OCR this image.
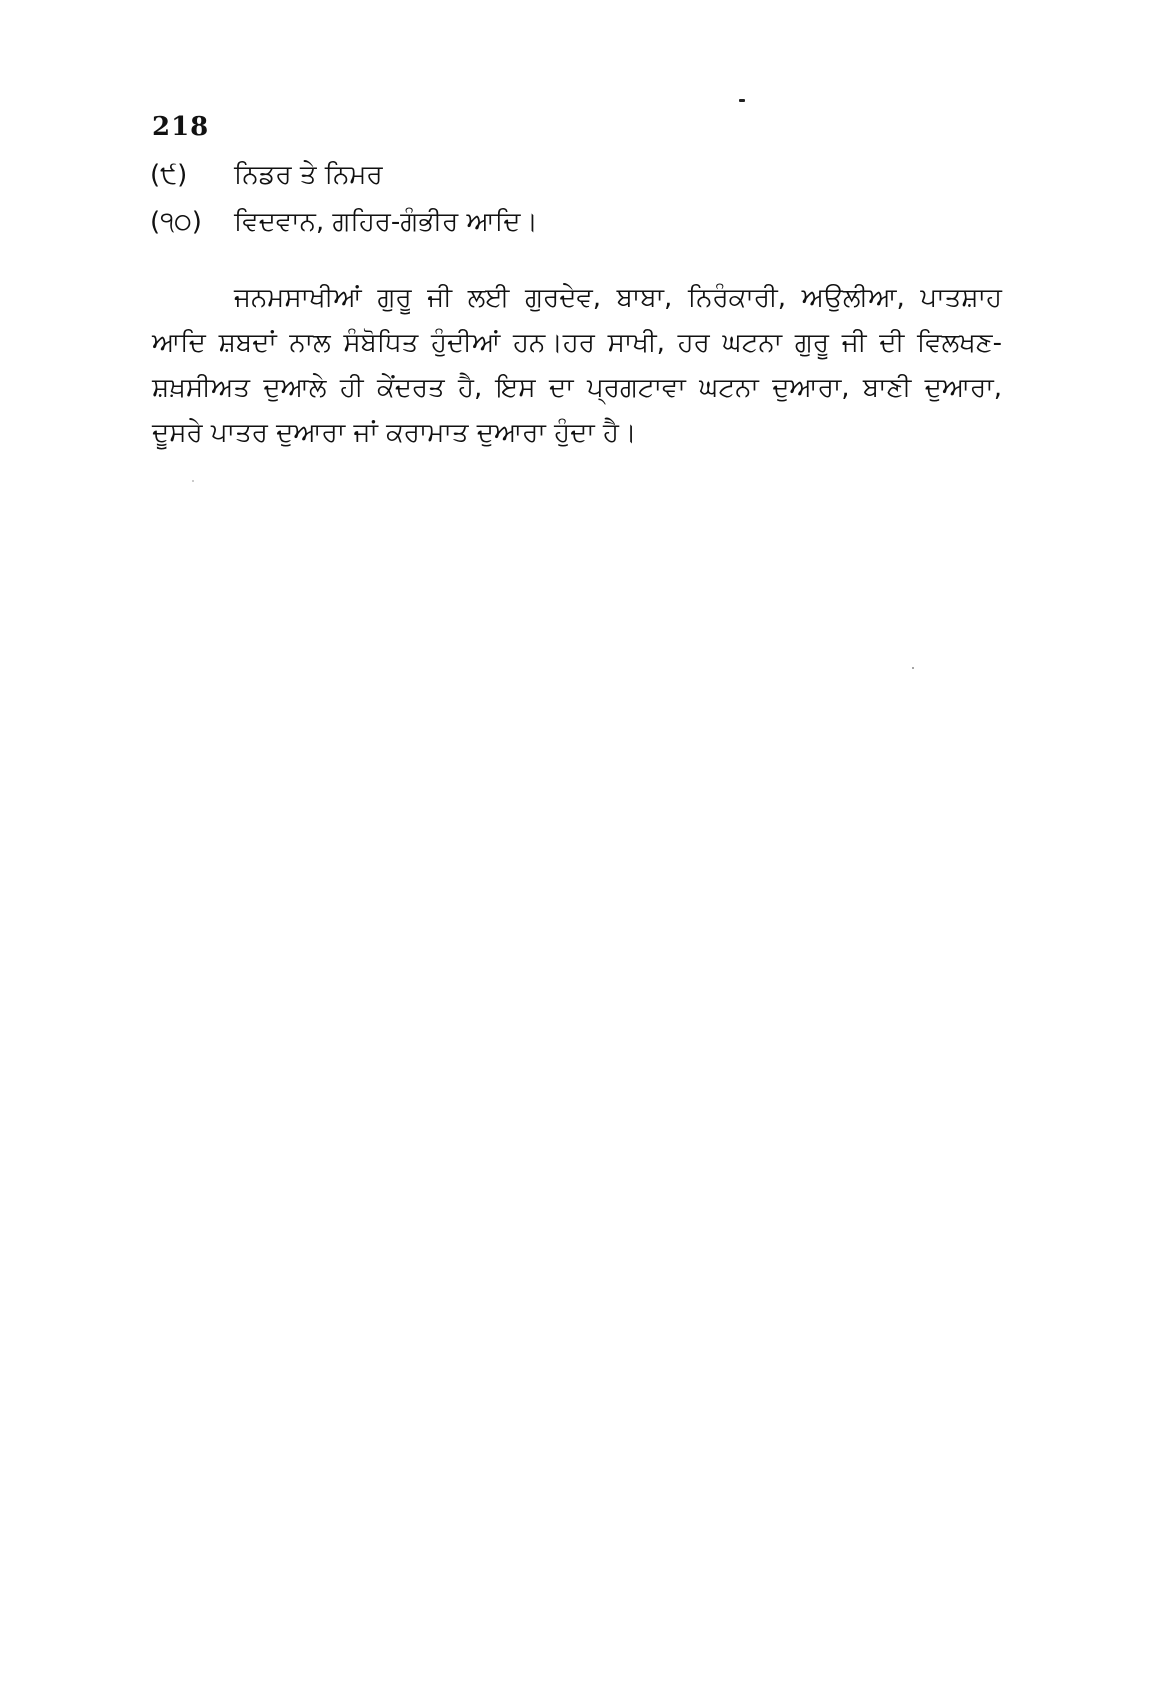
218
(੯) ਨਿਡਰ ਤੇ ਨਿਮਰ
(੧੦) ਵਿਦਵਾਨ, ਗਹਿਰ-ਗੰਭੀਰ ਆਦਿ।

ਜਨਮਸਾਖੀਆਂ ਗੁਰੂ ਜੀ ਲਈ ਗੁਰਦੇਵ, ਬਾਬਾ, ਨਿਰੰਕਾਰੀ, ਅਉਲੀਆ, ਪਾਤਸ਼ਾਹ ਆਦਿ ਸ਼ਬਦਾਂ ਨਾਲ ਸੰਬੋਧਿਤ ਹੁੰਦੀਆਂ ਹਨ।ਹਰ ਸਾਖੀ, ਹਰ ਘਟਨਾ ਗੁਰੂ ਜੀ ਦੀ ਵਿਲਖਣ-ਸ਼ਖ਼ਸੀਅਤ ਦੁਆਲੇ ਹੀ ਕੇਂਦਰਤ ਹੈ, ਇਸ ਦਾ ਪ੍ਰਗਟਾਵਾ ਘਟਨਾ ਦੁਆਰਾ, ਬਾਣੀ ਦੁਆਰਾ, ਦੂਸਰੇ ਪਾਤਰ ਦੁਆਰਾ ਜਾਂ ਕਰਾਮਾਤ ਦੁਆਰਾ ਹੁੰਦਾ ਹੈ।
